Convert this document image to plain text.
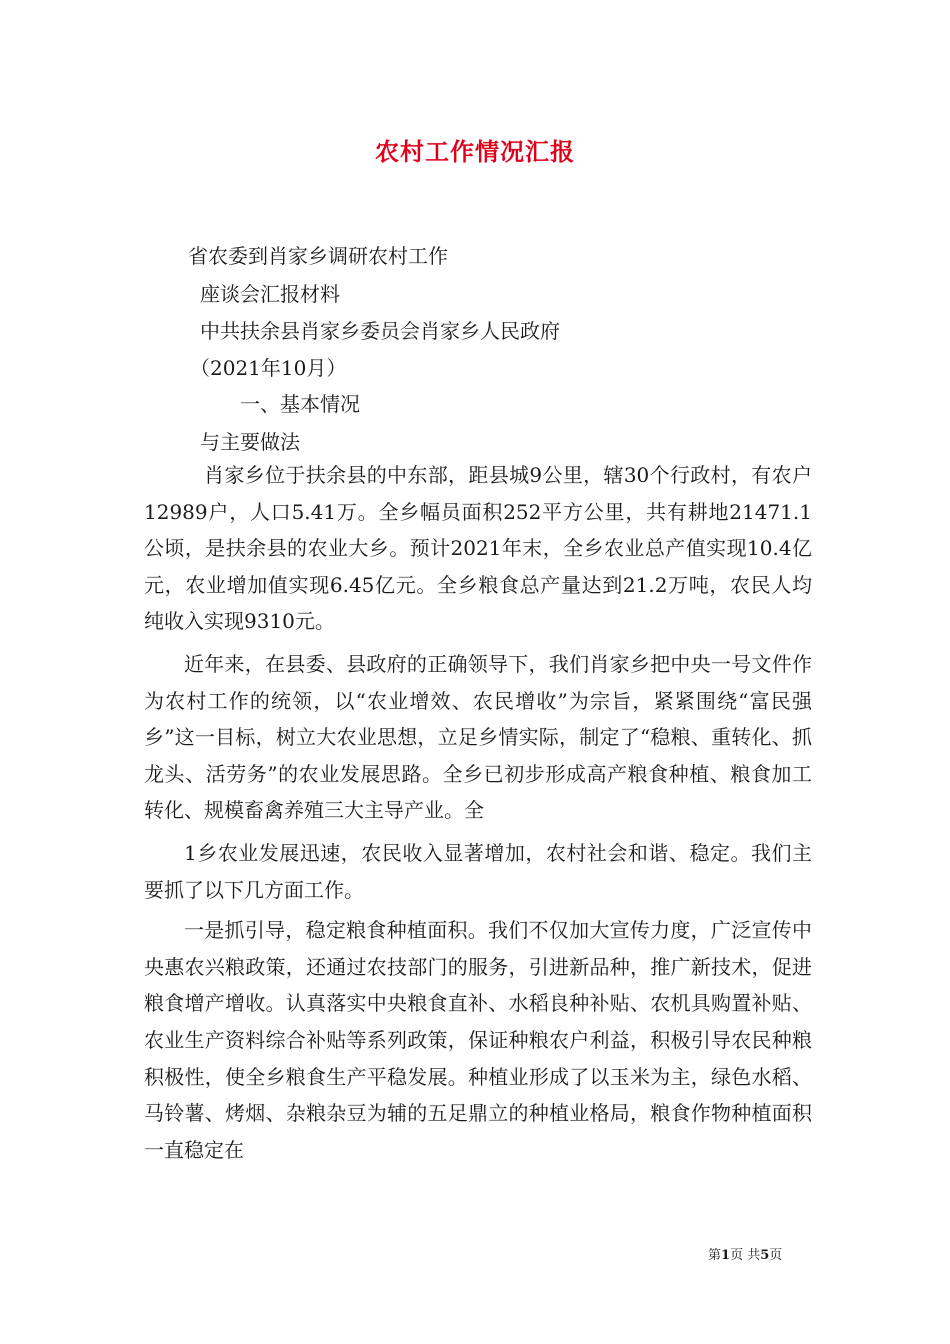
农村工作情况汇报
省农委到肖家乡调研农村工作
座谈会汇报材料
中共扶余县肖家乡委员会肖家乡人民政府
（2021年10月）
一、基本情况
与主要做法

肖家乡位于扶余县的中东部，距县城9公里，辖30个行政村，有农户12989户，人口5.41万。全乡幅员面积252平方公里，共有耕地21471.1公顷，是扶余县的农业大乡。预计2021年末，全乡农业总产值实现10.4亿元，农业增加值实现6.45亿元。全乡粮食总产量达到21.2万吨，农民人均纯收入实现9310元。

近年来，在县委、县政府的正确领导下，我们肖家乡把中央一号文件作为农村工作的统领，以“农业增效、农民增收”为宗旨，紧紧围绕“富民强乡”这一目标，树立大农业思想，立足乡情实际，制定了“稳粮、重转化、抓龙头、活劳务”的农业发展思路。全乡已初步形成高产粮食种植、粮食加工转化、规模畜禽养殖三大主导产业。全

1乡农业发展迅速，农民收入显著增加，农村社会和谐、稳定。我们主要抓了以下几方面工作。

一是抓引导，稳定粮食种植面积。我们不仅加大宣传力度，广泛宣传中央惠农兴粮政策，还通过农技部门的服务，引进新品种，推广新技术，促进粮食增产增收。认真落实中央粮食直补、水稻良种补贴、农机具购置补贴、农业生产资料综合补贴等系列政策，保证种粮农户利益，积极引导农民种粮积极性，使全乡粮食生产平稳发展。种植业形成了以玉米为主，绿色水稻、马铃薯、烤烟、杂粮杂豆为辅的五足鼎立的种植业格局，粮食作物种植面积一直稳定在

第1页 共5页
